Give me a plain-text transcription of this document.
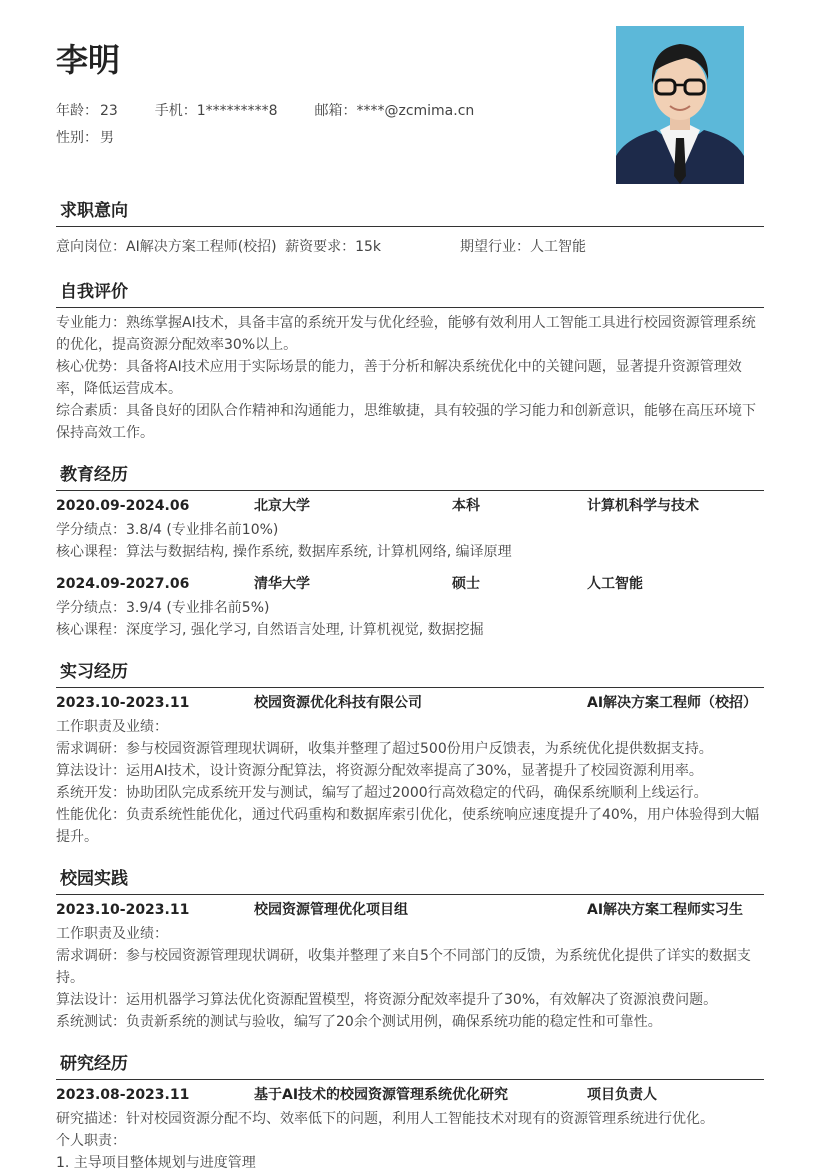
李明
年龄： 23	手机：1*********8	邮箱：****@zcmima.cn
性别： 男
求职意向
意向岗位：AI解决方案工程师(校招) 薪资要求：15k	期望行业：人工智能
自我评价
专业能力：熟练掌握AI技术，具备丰富的系统开发与优化经验，能够有效利用人工智能工具进行校园资源管理系统
的优化，提高资源分配效率30%以上。
核心优势：具备将AI技术应用于实际场景的能力，善于分析和解决系统优化中的关键问题，显著提升资源管理效
率，降低运营成本。
综合素质：具备良好的团队合作精神和沟通能力，思维敏捷，具有较强的学习能力和创新意识，能够在高压环境下
保持高效工作。
教育经历
2020.09-2024.06	北京大学	本科	计算机科学与技术
学分绩点：3.8/4 (专业排名前10%)
核心课程：算法与数据结构, 操作系统, 数据库系统, 计算机网络, 编译原理
2024.09-2027.06	清华大学	硕士	人工智能
学分绩点：3.9/4 (专业排名前5%)
核心课程：深度学习, 强化学习, 自然语言处理, 计算机视觉, 数据挖掘
实习经历
2023.10-2023.11	校园资源优化科技有限公司	AI解决方案工程师（校招）
工作职责及业绩：
需求调研：参与校园资源管理现状调研，收集并整理了超过500份用户反馈表，为系统优化提供数据支持。
算法设计：运用AI技术，设计资源分配算法，将资源分配效率提高了30%，显著提升了校园资源利用率。
系统开发：协助团队完成系统开发与测试，编写了超过2000行高效稳定的代码，确保系统顺利上线运行。
性能优化：负责系统性能优化，通过代码重构和数据库索引优化，使系统响应速度提升了40%，用户体验得到大幅
提升。
校园实践
2023.10-2023.11	校园资源管理优化项目组	AI解决方案工程师实习生
工作职责及业绩：
需求调研：参与校园资源管理现状调研，收集并整理了来自5个不同部门的反馈，为系统优化提供了详实的数据支
持。
算法设计：运用机器学习算法优化资源配置模型，将资源分配效率提升了30%，有效解决了资源浪费问题。
系统测试：负责新系统的测试与验收，编写了20余个测试用例，确保系统功能的稳定性和可靠性。
研究经历
2023.08-2023.11	基于AI技术的校园资源管理系统优化研究	项目负责人
研究描述：针对校园资源分配不均、效率低下的问题，利用人工智能技术对现有的资源管理系统进行优化。
个人职责：
1. 主导项目整体规划与进度管理
